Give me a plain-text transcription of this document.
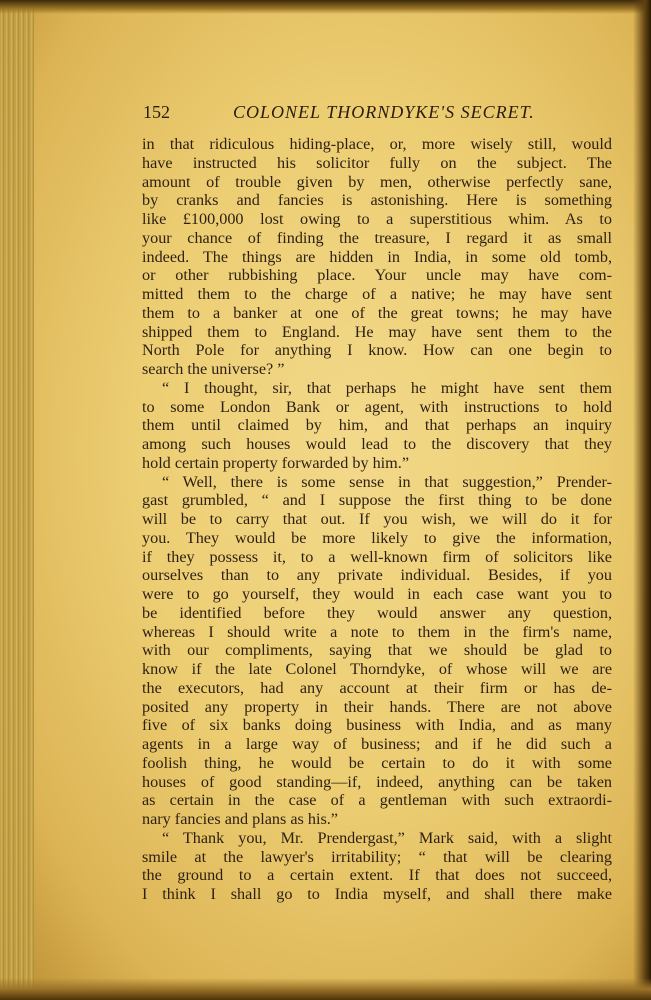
152	COLONEL THORNDYKE'S SECRET.
in that ridiculous hiding-place, or, more wisely still, would
have instructed his solicitor fully on the subject. The
amount of trouble given by men, otherwise perfectly sane,
by cranks and fancies is astonishing. Here is something
like £100,000 lost owing to a superstitious whim. As to
your chance of finding the treasure, I regard it as small
indeed. The things are hidden in India, in some old tomb,
or other rubbishing place. Your uncle may have com-
mitted them to the charge of a native; he may have sent
them to a banker at one of the great towns; he may have
shipped them to England. He may have sent them to the
North Pole for anything I know. How can one begin to
search the universe? ”
“ I thought, sir, that perhaps he might have sent them
to some London Bank or agent, with instructions to hold
them until claimed by him, and that perhaps an inquiry
among such houses would lead to the discovery that they
hold certain property forwarded by him.”
“ Well, there is some sense in that suggestion,” Prender-
gast grumbled, “ and I suppose the first thing to be done
will be to carry that out. If you wish, we will do it for
you. They would be more likely to give the information,
if they possess it, to a well-known firm of solicitors like
ourselves than to any private individual. Besides, if you
were to go yourself, they would in each case want you to
be identified before they would answer any question,
whereas I should write a note to them in the firm's name,
with our compliments, saying that we should be glad to
know if the late Colonel Thorndyke, of whose will we are
the executors, had any account at their firm or has de-
posited any property in their hands. There are not above
five of six banks doing business with India, and as many
agents in a large way of business; and if he did such a
foolish thing, he would be certain to do it with some
houses of good standing—if, indeed, anything can be taken
as certain in the case of a gentleman with such extraordi-
nary fancies and plans as his.”
“ Thank you, Mr. Prendergast,” Mark said, with a slight
smile at the lawyer's irritability; “ that will be clearing
the ground to a certain extent. If that does not succeed,
I think I shall go to India myself, and shall there make
